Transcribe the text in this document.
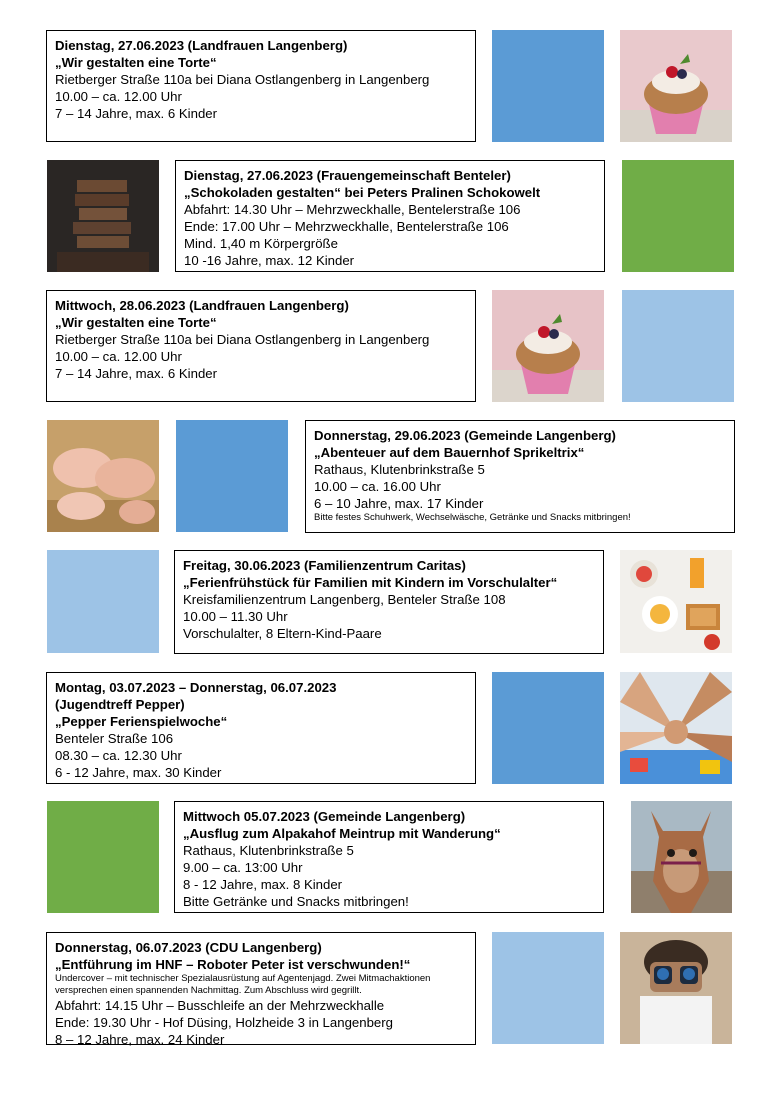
Dienstag, 27.06.2023 (Landfrauen Langenberg)
„Wir gestalten eine Torte“
Rietberger Straße 110a bei Diana Ostlangenberg in Langenberg
10.00 – ca. 12.00 Uhr
7 – 14 Jahre, max. 6 Kinder
Dienstag, 27.06.2023 (Frauengemeinschaft Benteler)
„Schokoladen gestalten“ bei Peters Pralinen Schokowelt
Abfahrt: 14.30 Uhr – Mehrzweckhalle, Bentelerstraße 106
Ende: 17.00 Uhr – Mehrzweckhalle, Bentelerstraße 106
Mind. 1,40 m Körpergröße
10 -16 Jahre, max. 12 Kinder
Mittwoch, 28.06.2023 (Landfrauen Langenberg)
„Wir gestalten eine Torte“
Rietberger Straße 110a bei Diana Ostlangenberg in Langenberg
10.00 – ca. 12.00 Uhr
7 – 14 Jahre, max. 6 Kinder
Donnerstag, 29.06.2023 (Gemeinde Langenberg)
„Abenteuer auf dem Bauernhof Sprikeltrix“
Rathaus, Klutenbrinkstraße 5
10.00 – ca. 16.00 Uhr
6 – 10 Jahre, max. 17 Kinder
Bitte festes Schuhwerk, Wechselwäsche, Getränke und Snacks mitbringen!
Freitag, 30.06.2023 (Familienzentrum Caritas)
„Ferienfrühstück für Familien mit Kindern im Vorschulalter“
Kreisfamilienzentrum Langenberg, Benteler Straße 108
10.00 – 11.30 Uhr
Vorschulalter, 8 Eltern-Kind-Paare
Montag, 03.07.2023 – Donnerstag, 06.07.2023
(Jugendtreff Pepper)
„Pepper Ferienspielwoche“
Benteler Straße 106
08.30 – ca. 12.30 Uhr
6 - 12 Jahre, max. 30 Kinder
Mittwoch 05.07.2023 (Gemeinde Langenberg)
„Ausflug zum Alpakahof Meintrup mit Wanderung“
Rathaus, Klutenbrinkstraße 5
9.00 – ca. 13:00 Uhr
8 - 12 Jahre, max. 8 Kinder
Bitte Getränke und Snacks mitbringen!
Donnerstag, 06.07.2023 (CDU Langenberg)
„Entführung im HNF – Roboter Peter ist verschwunden!“
Undercover – mit technischer Spezialausrüstung auf Agentenjagd. Zwei Mitmachaktionen versprechen einen spannenden Nachmittag. Zum Abschluss wird gegrillt.
Abfahrt: 14.15 Uhr – Busschleife an der Mehrzweckhalle
Ende: 19.30 Uhr - Hof Düsing, Holzheide 3 in Langenberg
8 – 12 Jahre, max. 24 Kinder
